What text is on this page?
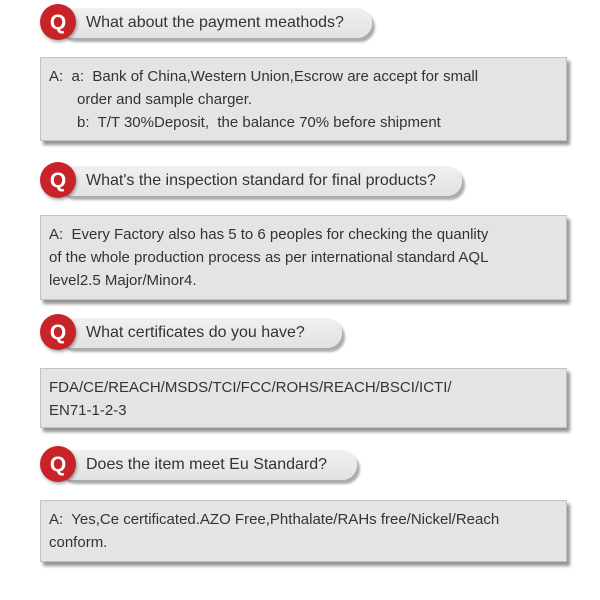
What about the payment meathods?
Q
A:  a:  Bank of China,Western Union,Escrow are accept for small
order and sample charger.
b:  T/T 30%Deposit,  the balance 70% before shipment
What's the inspection standard for final products?
Q
A:  Every Factory also has 5 to 6 peoples for checking the quanlity
of the whole production process as per international standard AQL
level2.5 Major/Minor4.
What certificates do you have?
Q
FDA/CE/REACH/MSDS/TCI/FCC/ROHS/REACH/BSCI/ICTI/
EN71-1-2-3
Does the item meet Eu Standard?
Q
A:  Yes,Ce certificated.AZO Free,Phthalate/RAHs free/Nickel/Reach
conform.
